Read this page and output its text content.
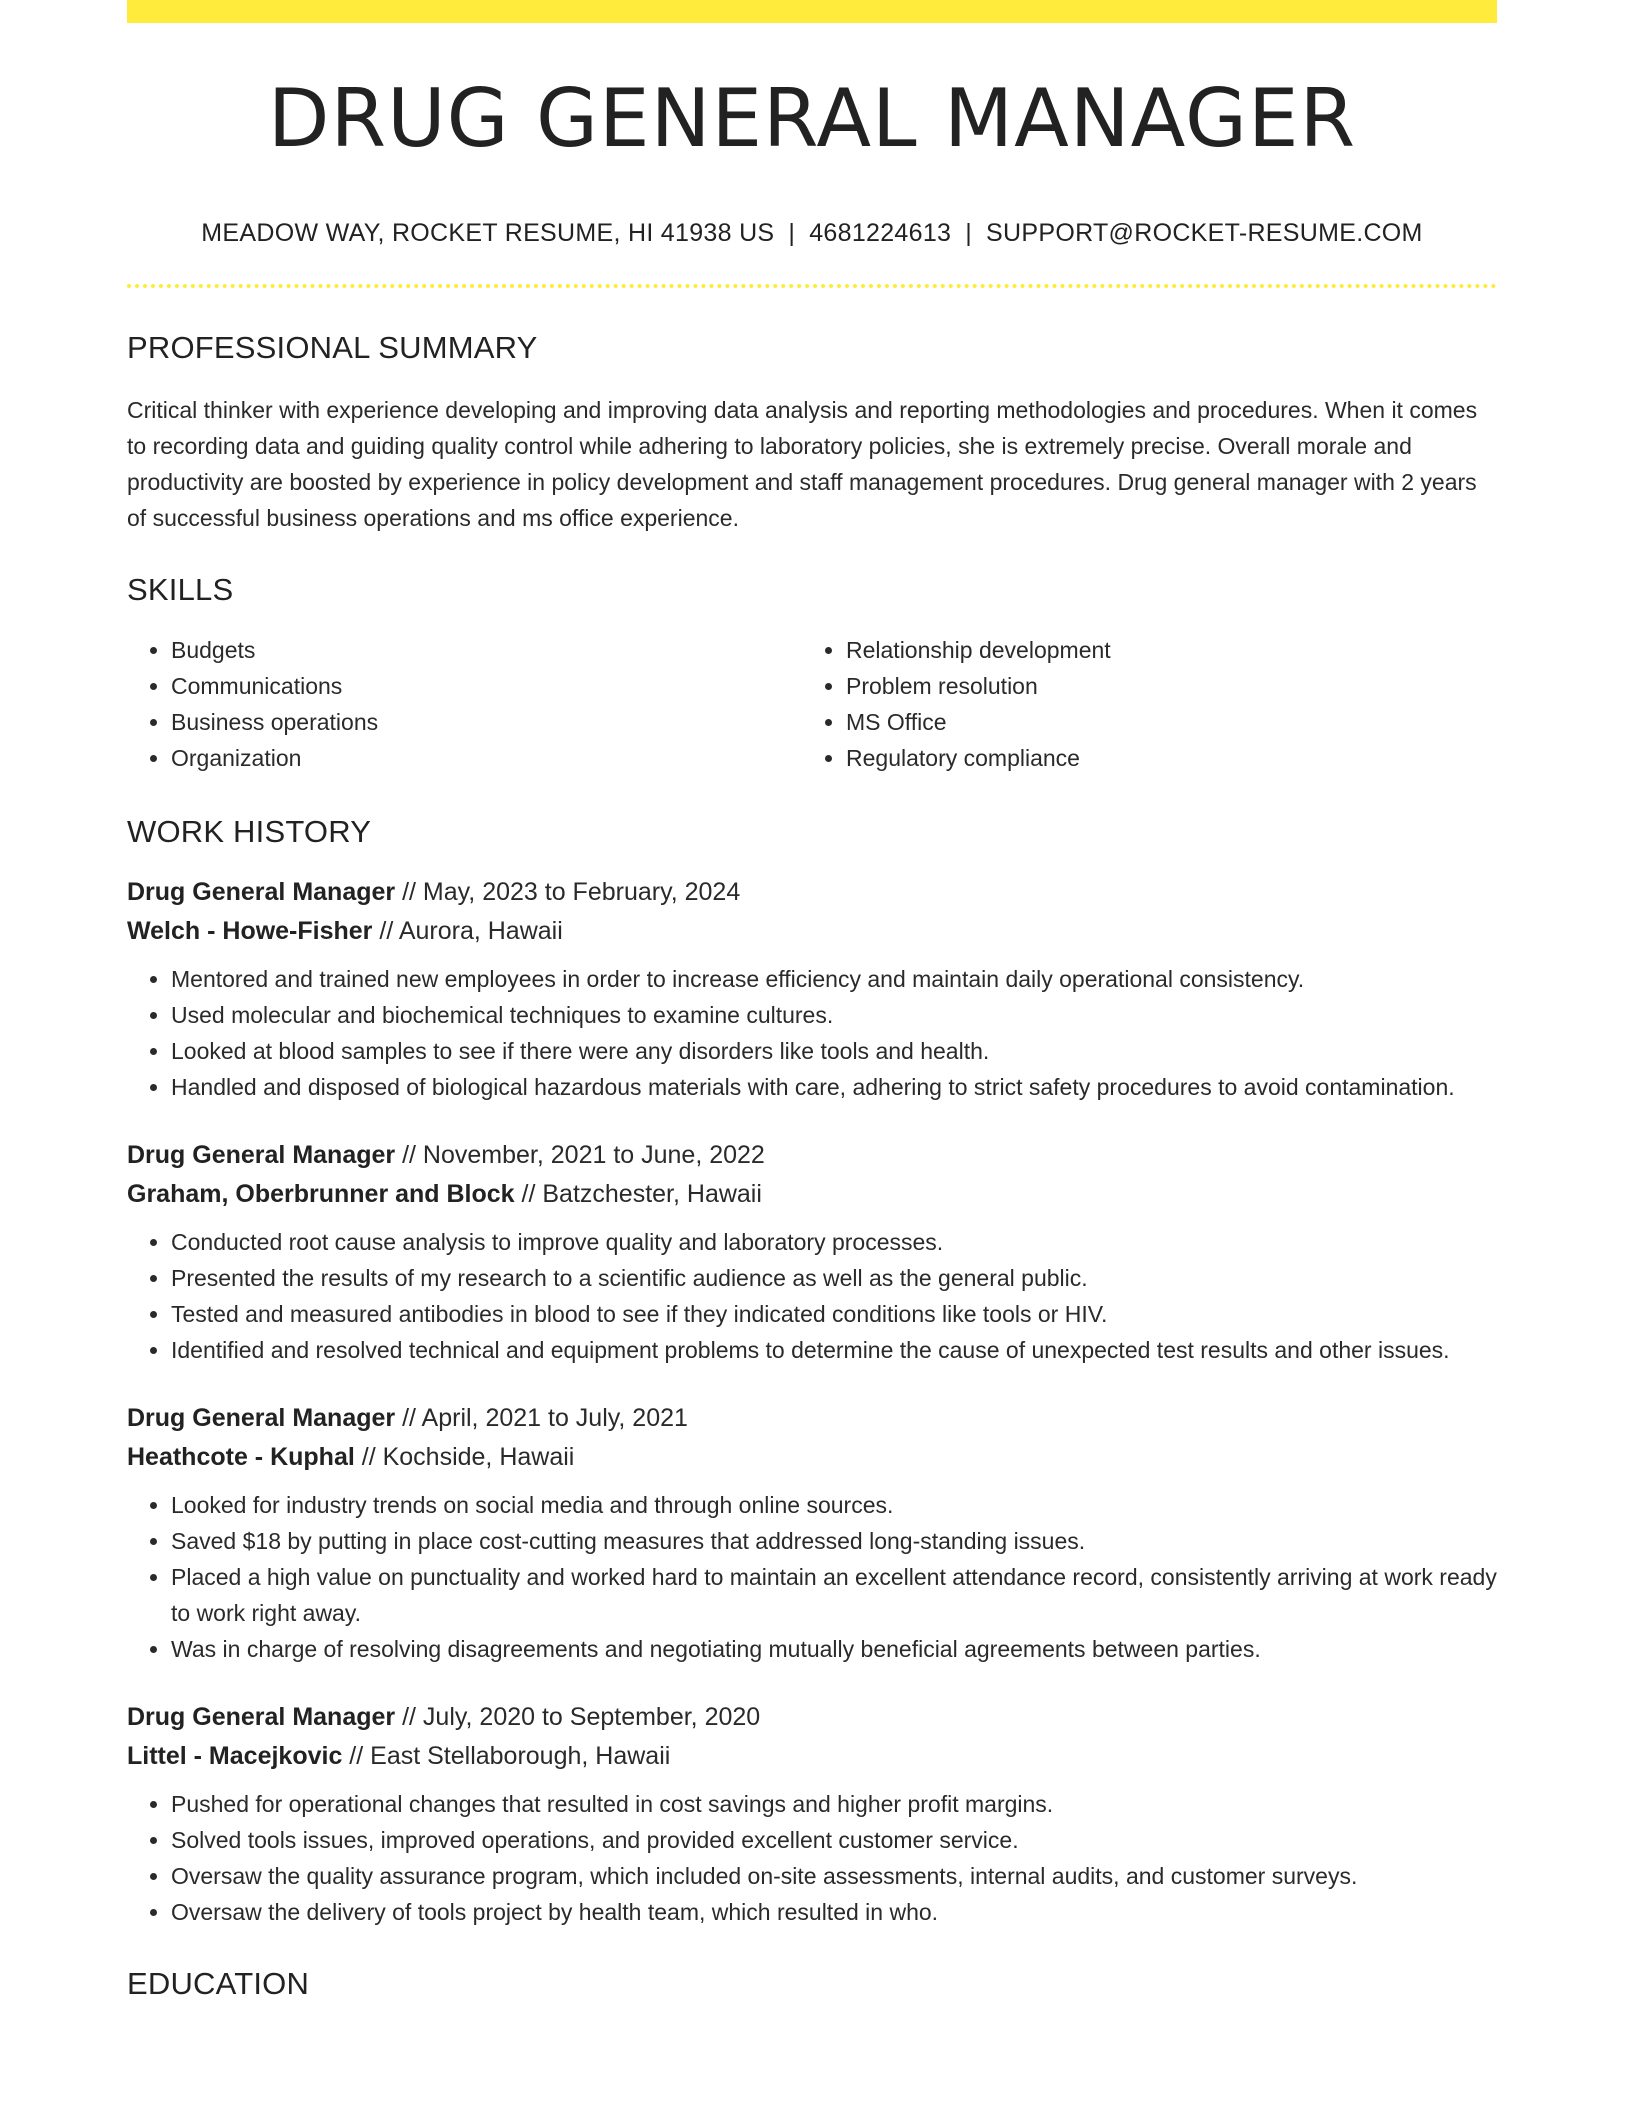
DRUG GENERAL MANAGER
MEADOW WAY, ROCKET RESUME, HI 41938 US | 4681224613 | SUPPORT@ROCKET-RESUME.COM
PROFESSIONAL SUMMARY

Critical thinker with experience developing and improving data analysis and reporting methodologies and procedures. When it comes to recording data and guiding quality control while adhering to laboratory policies, she is extremely precise. Overall morale and productivity are boosted by experience in policy development and staff management procedures. Drug general manager with 2 years of successful business operations and ms office experience.

SKILLS
• Budgets
• Communications
• Business operations
• Organization
• Relationship development
• Problem resolution
• MS Office
• Regulatory compliance
WORK HISTORY
Drug General Manager // May, 2023 to February, 2024
Welch - Howe-Fisher // Aurora, Hawaii
• Mentored and trained new employees in order to increase efficiency and maintain daily operational consistency.
• Used molecular and biochemical techniques to examine cultures.
• Looked at blood samples to see if there were any disorders like tools and health.
• Handled and disposed of biological hazardous materials with care, adhering to strict safety procedures to avoid contamination.
Drug General Manager // November, 2021 to June, 2022
Graham, Oberbrunner and Block // Batzchester, Hawaii
• Conducted root cause analysis to improve quality and laboratory processes.
• Presented the results of my research to a scientific audience as well as the general public.
• Tested and measured antibodies in blood to see if they indicated conditions like tools or HIV.
• Identified and resolved technical and equipment problems to determine the cause of unexpected test results and other issues.
Drug General Manager // April, 2021 to July, 2021
Heathcote - Kuphal // Kochside, Hawaii
• Looked for industry trends on social media and through online sources.
• Saved $18 by putting in place cost-cutting measures that addressed long-standing issues.
• Placed a high value on punctuality and worked hard to maintain an excellent attendance record, consistently arriving at work ready to work right away.
• Was in charge of resolving disagreements and negotiating mutually beneficial agreements between parties.
Drug General Manager // July, 2020 to September, 2020
Littel - Macejkovic // East Stellaborough, Hawaii
• Pushed for operational changes that resulted in cost savings and higher profit margins.
• Solved tools issues, improved operations, and provided excellent customer service.
• Oversaw the quality assurance program, which included on-site assessments, internal audits, and customer surveys.
• Oversaw the delivery of tools project by health team, which resulted in who.
EDUCATION
